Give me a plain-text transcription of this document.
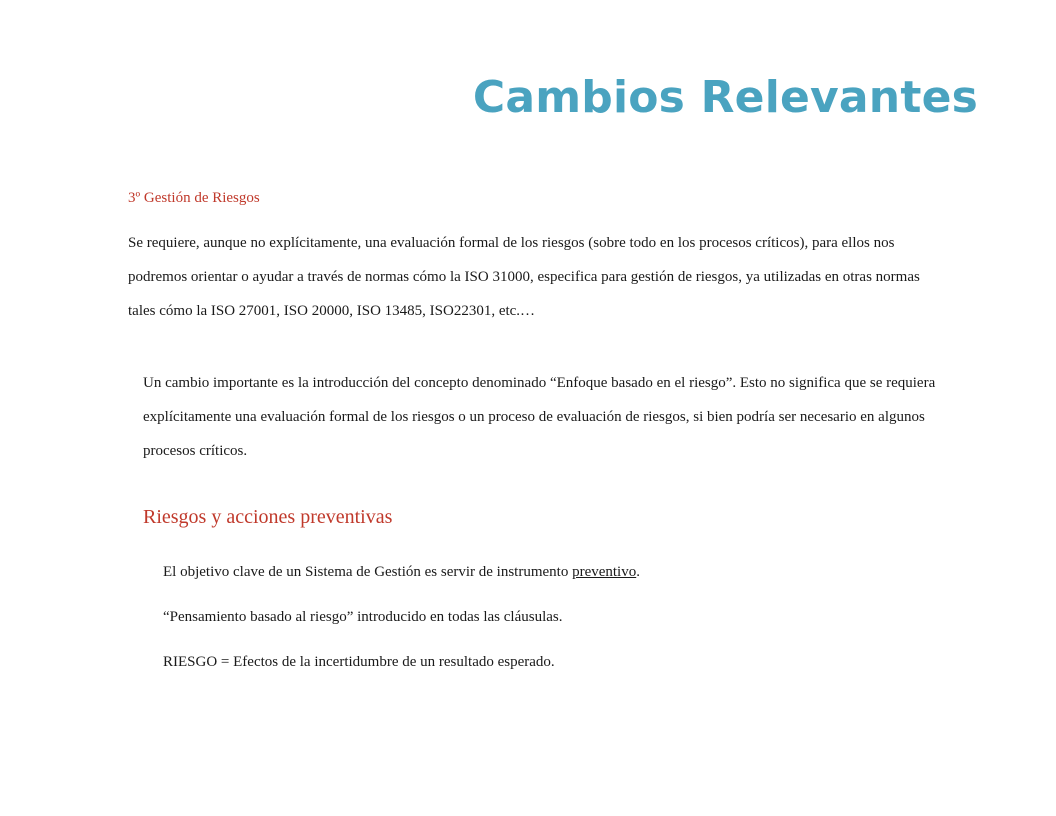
Cambios Relevantes
3º Gestión de Riesgos

Se requiere, aunque no explícitamente, una evaluación formal de los riesgos (sobre todo en los procesos críticos), para ellos nos podremos orientar o ayudar a través de normas cómo la ISO 31000, especifica para gestión de riesgos, ya utilizadas en otras normas tales cómo la ISO 27001, ISO 20000, ISO 13485, ISO22301, etc.…

Un cambio importante es la introducción del concepto denominado “Enfoque basado en el riesgo”. Esto no significa que se requiera explícitamente una evaluación formal de los riesgos o un proceso de evaluación de riesgos, si bien podría ser necesario en algunos procesos críticos.

Riesgos y acciones preventivas
El objetivo clave de un Sistema de Gestión es servir de instrumento preventivo.
“Pensamiento basado al riesgo” introducido en todas las cláusulas.
RIESGO = Efectos de la incertidumbre de un resultado esperado.
